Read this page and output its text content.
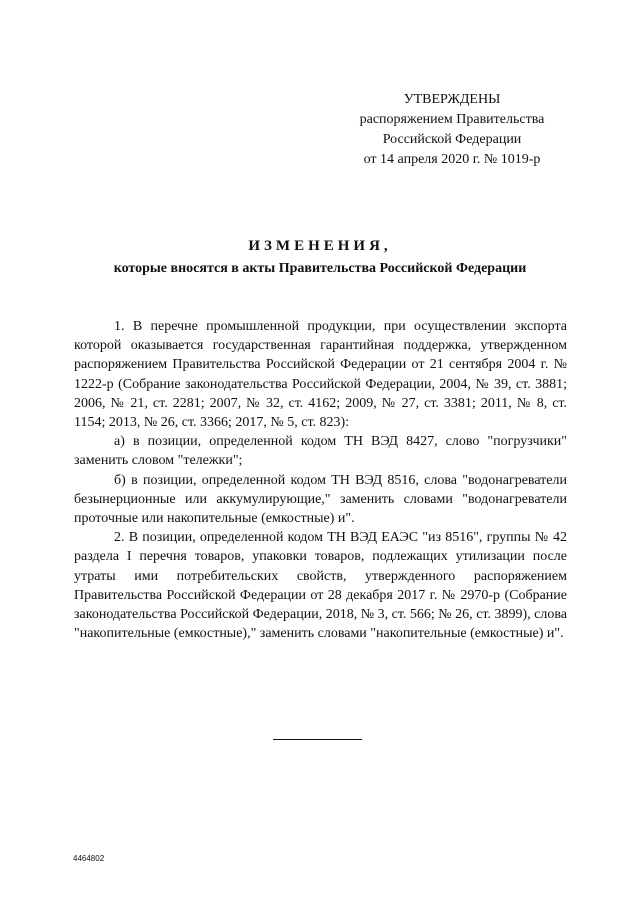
УТВЕРЖДЕНЫ
распоряжением Правительства
Российской Федерации
от 14 апреля 2020 г. № 1019-р
ИЗМЕНЕНИЯ,
которые вносятся в акты Правительства Российской Федерации

1. В перечне промышленной продукции, при осуществлении экспорта которой оказывается государственная гарантийная поддержка, утвержденном распоряжением Правительства Российской Федерации от 21 сентября 2004 г. № 1222-р (Собрание законодательства Российской Федерации, 2004, № 39, ст. 3881; 2006, № 21, ст. 2281; 2007, № 32, ст. 4162; 2009, № 27, ст. 3381; 2011, № 8, ст. 1154; 2013, № 26, ст. 3366; 2017, № 5, ст. 823):

а) в позиции, определенной кодом ТН ВЭД 8427, слово "погрузчики" заменить словом "тележки";

б) в позиции, определенной кодом ТН ВЭД 8516, слова "водонагреватели безынерционные или аккумулирующие," заменить словами "водонагреватели проточные или накопительные (емкостные) и".

2. В позиции, определенной кодом ТН ВЭД ЕАЭС "из 8516", группы № 42 раздела I перечня товаров, упаковки товаров, подлежащих утилизации после утраты ими потребительских свойств, утвержденного распоряжением Правительства Российской Федерации от 28 декабря 2017 г. № 2970-р (Собрание законодательства Российской Федерации, 2018, № 3, ст. 566; № 26, ст. 3899), слова "накопительные (емкостные)," заменить словами "накопительные (емкостные) и".

4464802
